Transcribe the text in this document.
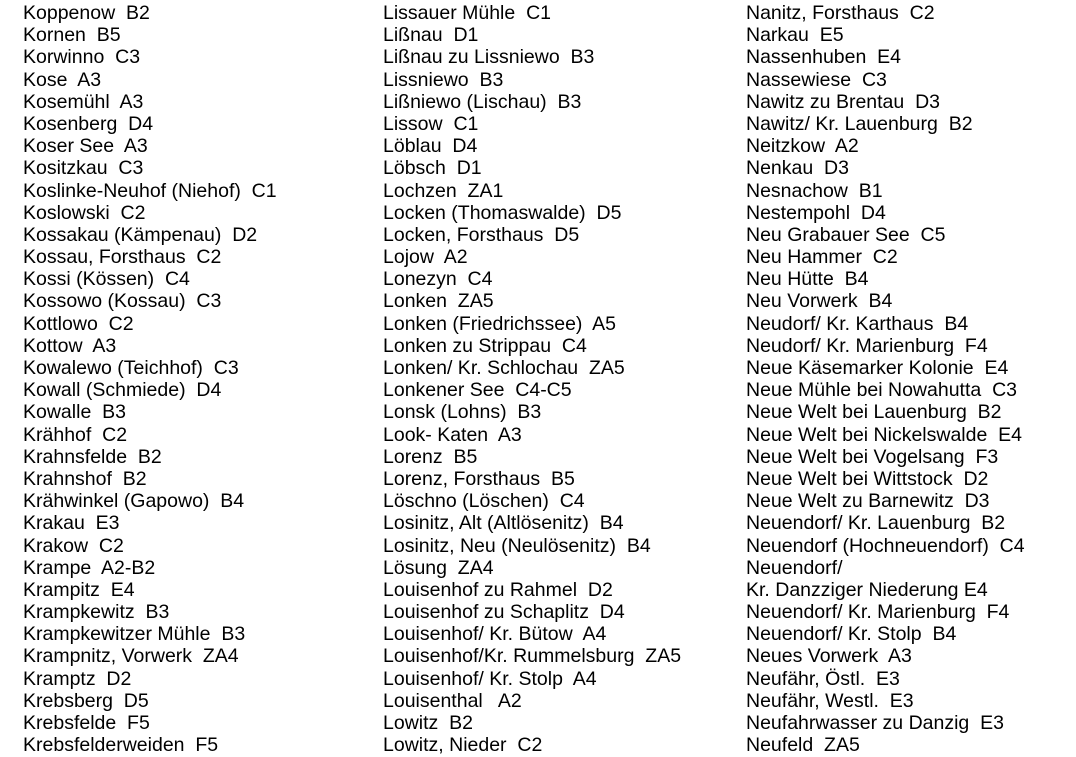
Koppenow  B2
Kornen  B5
Korwinno  C3
Kose  A3
Kosemühl  A3
Kosenberg  D4
Koser See  A3
Kositzkau  C3
Koslinke-Neuhof (Niehof)  C1
Koslowski  C2
Kossakau (Kämpenau)  D2
Kossau, Forsthaus  C2
Kossi (Kössen)  C4
Kossowo (Kossau)  C3
Kottlowo  C2
Kottow  A3
Kowalewo (Teichhof)  C3
Kowall (Schmiede)  D4
Kowalle  B3
Krähhof  C2
Krahnsfelde  B2
Krahnshof  B2
Krähwinkel (Gapowo)  B4
Krakau  E3
Krakow  C2
Krampe  A2-B2
Krampitz  E4
Krampkewitz  B3
Krampkewitzer Mühle  B3
Krampnitz, Vorwerk  ZA4
Kramptz  D2
Krebsberg  D5
Krebsfelde  F5
Krebsfelderweiden  F5
Lissauer Mühle  C1
Lißnau  D1
Lißnau zu Lissniewo  B3
Lissniewo  B3
Lißniewo (Lischau)  B3
Lissow  C1
Löblau  D4
Löbsch  D1
Lochzen  ZA1
Locken (Thomaswalde)  D5
Locken, Forsthaus  D5
Lojow  A2
Lonezyn  C4
Lonken  ZA5
Lonken (Friedrichssee)  A5
Lonken zu Strippau  C4
Lonken/ Kr. Schlochau  ZA5
Lonkener See  C4-C5
Lonsk (Lohns)  B3
Look- Katen  A3
Lorenz  B5
Lorenz, Forsthaus  B5
Löschno (Löschen)  C4
Losinitz, Alt (Altlösenitz)  B4
Losinitz, Neu (Neulösenitz)  B4
Lösung  ZA4
Louisenhof zu Rahmel  D2
Louisenhof zu Schaplitz  D4
Louisenhof/ Kr. Bütow  A4
Louisenhof/Kr. Rummelsburg  ZA5
Louisenhof/ Kr. Stolp  A4
Louisenthal   A2
Lowitz  B2
Lowitz, Nieder  C2
Nanitz, Forsthaus  C2
Narkau  E5
Nassenhuben  E4
Nassewiese  C3
Nawitz zu Brentau  D3
Nawitz/ Kr. Lauenburg  B2
Neitzkow  A2
Nenkau  D3
Nesnachow  B1
Nestempohl  D4
Neu Grabauer See  C5
Neu Hammer  C2
Neu Hütte  B4
Neu Vorwerk  B4
Neudorf/ Kr. Karthaus  B4
Neudorf/ Kr. Marienburg  F4
Neue Käsemarker Kolonie  E4
Neue Mühle bei Nowahutta  C3
Neue Welt bei Lauenburg  B2
Neue Welt bei Nickelswalde  E4
Neue Welt bei Vogelsang  F3
Neue Welt bei Wittstock  D2
Neue Welt zu Barnewitz  D3
Neuendorf/ Kr. Lauenburg  B2
Neuendorf (Hochneuendorf)  C4
Neuendorf/
Kr. Danzziger Niederung E4
Neuendorf/ Kr. Marienburg  F4
Neuendorf/ Kr. Stolp  B4
Neues Vorwerk  A3
Neufähr, Östl.  E3
Neufähr, Westl.  E3
Neufahrwasser zu Danzig  E3
Neufeld  ZA5
